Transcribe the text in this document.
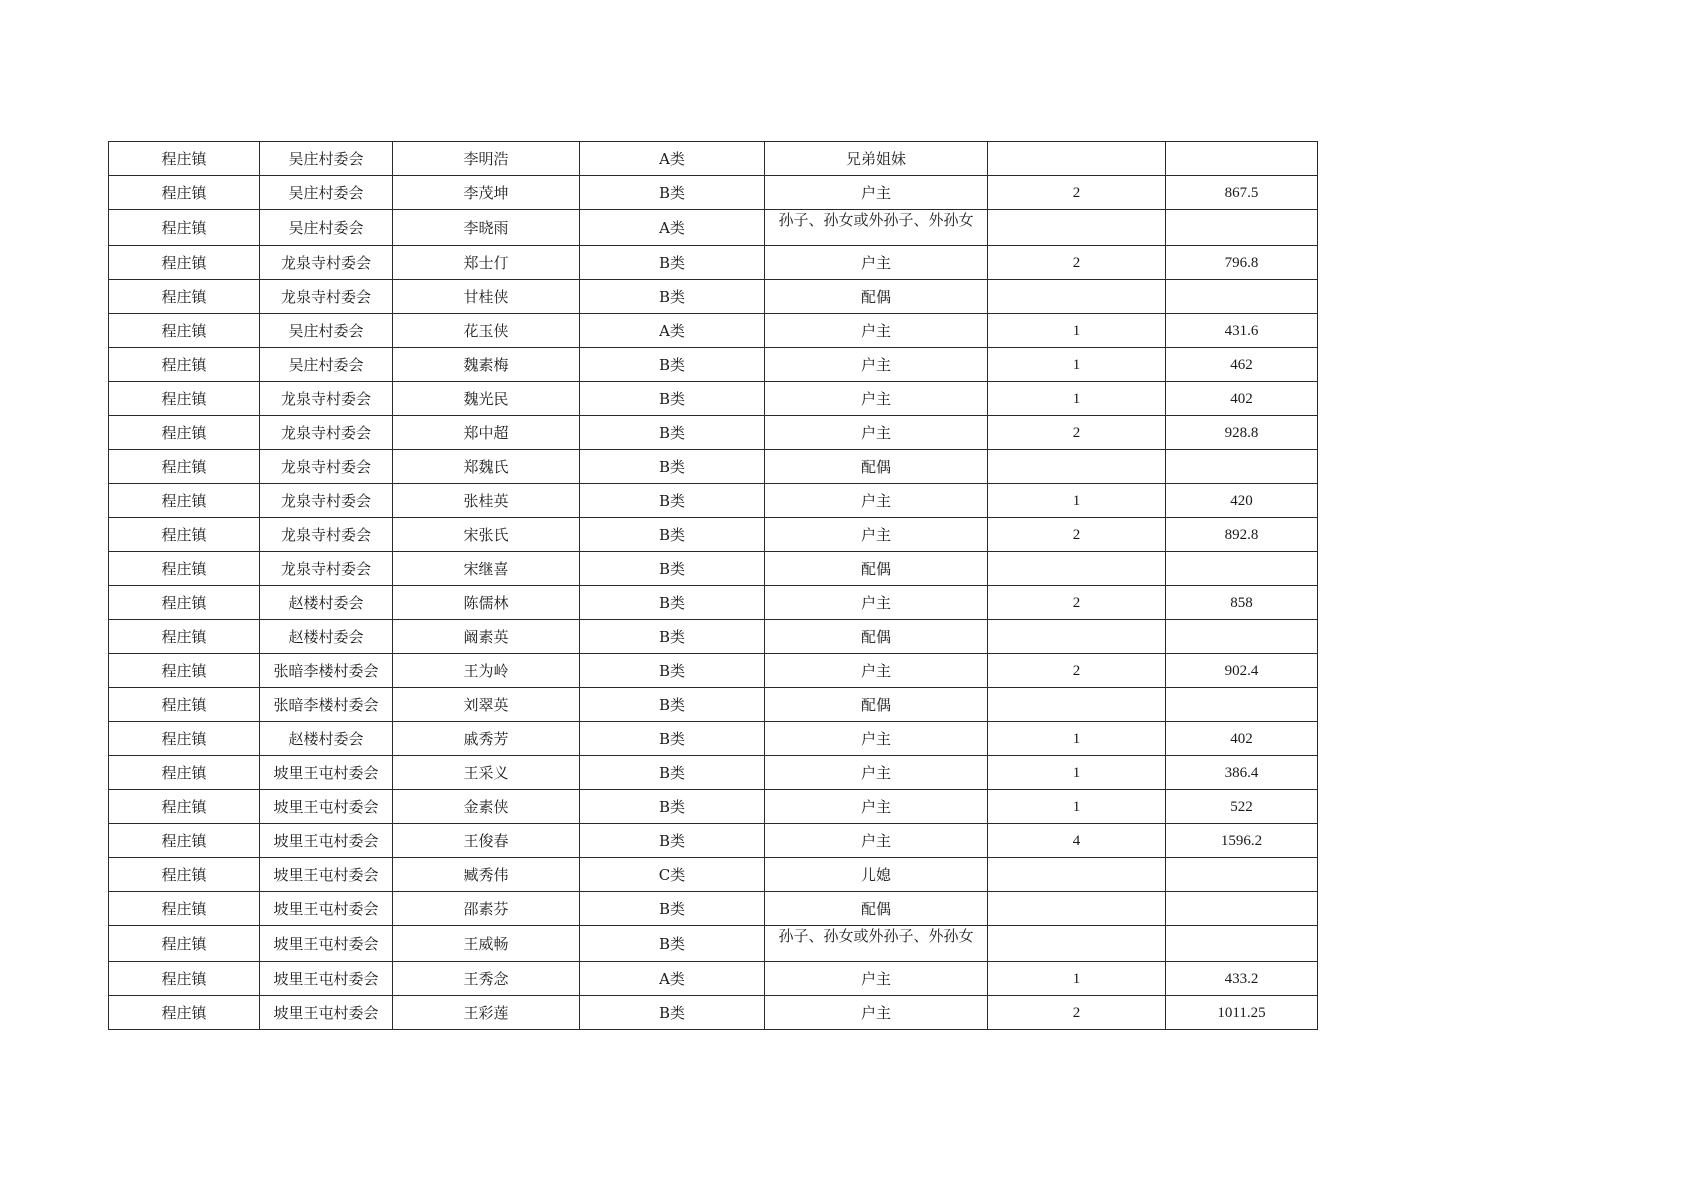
程庄镇	吴庄村委会	李明浩	A类	兄弟姐妹		
程庄镇	吴庄村委会	李茂坤	B类	户主	2	867.5
程庄镇	吴庄村委会	李晓雨	A类	孙子、孙女或外孙子、外孙女		
程庄镇	龙泉寺村委会	郑士仃	B类	户主	2	796.8
程庄镇	龙泉寺村委会	甘桂侠	B类	配偶		
程庄镇	吴庄村委会	花玉侠	A类	户主	1	431.6
程庄镇	吴庄村委会	魏素梅	B类	户主	1	462
程庄镇	龙泉寺村委会	魏光民	B类	户主	1	402
程庄镇	龙泉寺村委会	郑中超	B类	户主	2	928.8
程庄镇	龙泉寺村委会	郑魏氏	B类	配偶		
程庄镇	龙泉寺村委会	张桂英	B类	户主	1	420
程庄镇	龙泉寺村委会	宋张氏	B类	户主	2	892.8
程庄镇	龙泉寺村委会	宋继喜	B类	配偶		
程庄镇	赵楼村委会	陈儒林	B类	户主	2	858
程庄镇	赵楼村委会	阚素英	B类	配偶		
程庄镇	张暗李楼村委会	王为岭	B类	户主	2	902.4
程庄镇	张暗李楼村委会	刘翠英	B类	配偶		
程庄镇	赵楼村委会	戚秀芳	B类	户主	1	402
程庄镇	坡里王屯村委会	王采义	B类	户主	1	386.4
程庄镇	坡里王屯村委会	金素侠	B类	户主	1	522
程庄镇	坡里王屯村委会	王俊春	B类	户主	4	1596.2
程庄镇	坡里王屯村委会	臧秀伟	C类	儿媳		
程庄镇	坡里王屯村委会	邵素芬	B类	配偶		
程庄镇	坡里王屯村委会	王威畅	B类	孙子、孙女或外孙子、外孙女		
程庄镇	坡里王屯村委会	王秀念	A类	户主	1	433.2
程庄镇	坡里王屯村委会	王彩莲	B类	户主	2	1011.25
